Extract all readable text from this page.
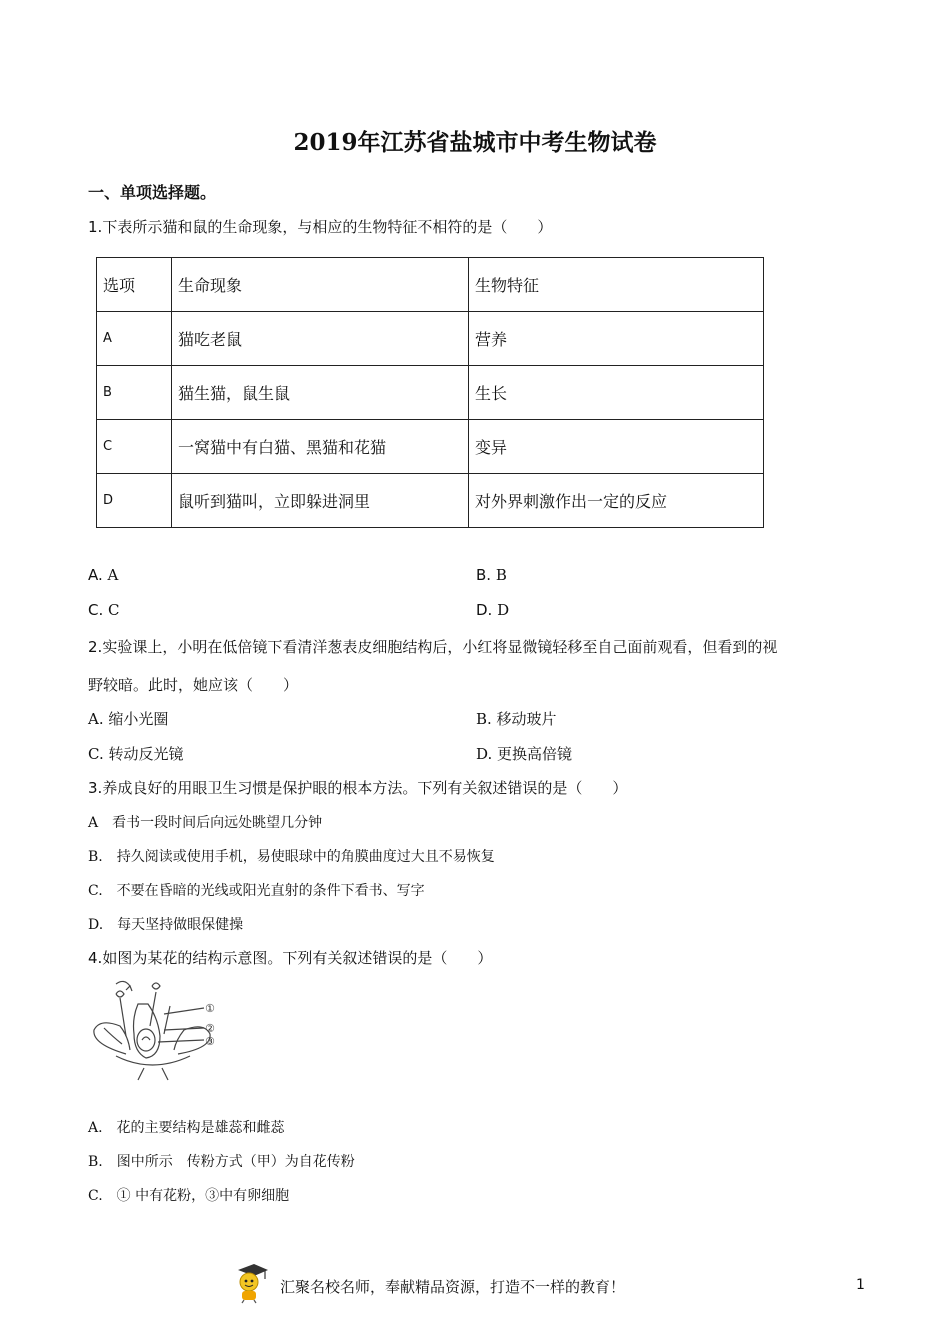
2019年江苏省盐城市中考生物试卷
一、单项选择题。
1.下表所示猫和鼠的生命现象，与相应的生物特征不相符的是（　　）
选项	生命现象	生物特征
A	猫吃老鼠	营养
B	猫生猫，鼠生鼠	生长
C	一窝猫中有白猫、黑猫和花猫	变异
D	鼠听到猫叫，立即躲进洞里	对外界刺激作出一定的反应
A. A	B. B
C. C	D. D
2.实验课上，小明在低倍镜下看清洋葱表皮细胞结构后，小红将显微镜轻移至自己面前观看，但看到的视
野较暗。此时，她应该（　　）
A. 缩小光圈	B. 移动玻片
C. 转动反光镜	D. 更换高倍镜
3.养成良好的用眼卫生习惯是保护眼的根本方法。下列有关叙述错误的是（　　）
A　看书一段时间后向远处眺望几分钟
B.　持久阅读或使用手机，易使眼球中的角膜曲度过大且不易恢复
C.　不要在昏暗的光线或阳光直射的条件下看书、写字
D.　每天坚持做眼保健操
4.如图为某花的结构示意图。下列有关叙述错误的是（　　）
①
②
③
A.　花的主要结构是雄蕊和雌蕊
B.　图中所示　传粉方式（甲）为自花传粉
C.　① 中有花粉，③中有卵细胞
汇聚名校名师，奉献精品资源，打造不一样的教育！	1
